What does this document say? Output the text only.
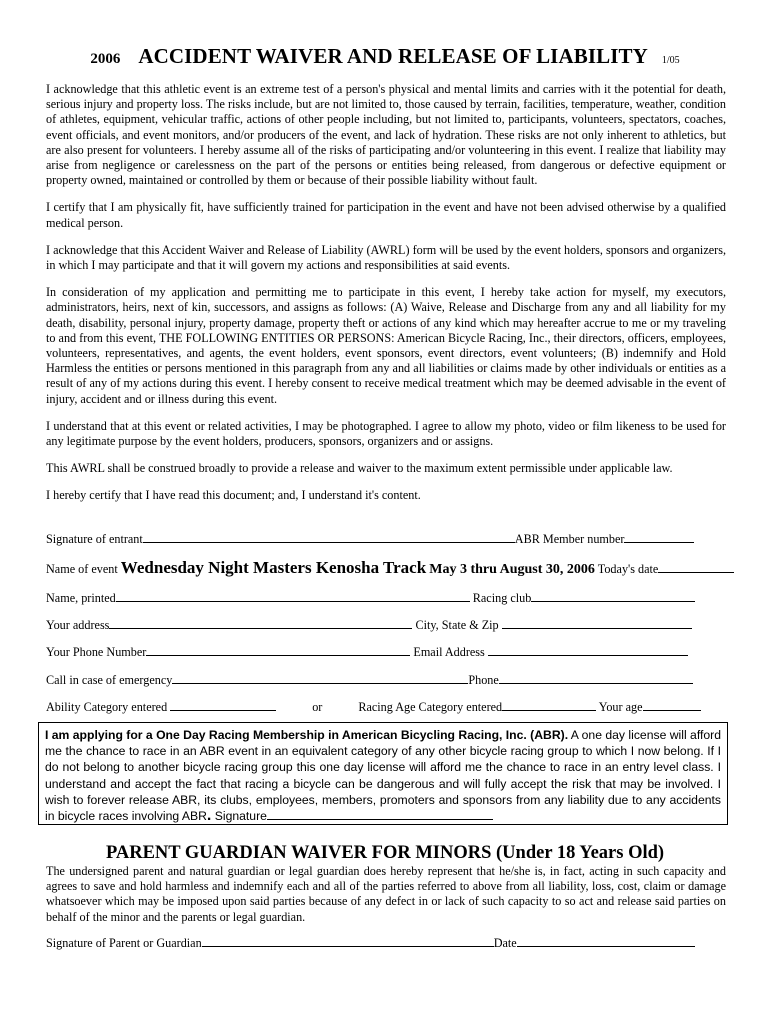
2006 ACCIDENT WAIVER AND RELEASE OF LIABILITY 1/05

I acknowledge that this athletic event is an extreme test of a person's physical and mental limits and carries with it the potential for death, serious injury and property loss. The risks include, but are not limited to, those caused by terrain, facilities, temperature, weather, condition of athletes, equipment, vehicular traffic, actions of other people including, but not limited to, participants, volunteers, spectators, coaches, event officials, and event monitors, and/or producers of the event, and lack of hydration. These risks are not only inherent to athletics, but are also present for volunteers. I hereby assume all of the risks of participating and/or volunteering in this event. I realize that liability may arise from negligence or carelessness on the part of the persons or entities being released, from dangerous or defective equipment or property owned, maintained or controlled by them or because of their possible liability without fault.

I certify that I am physically fit, have sufficiently trained for participation in the event and have not been advised otherwise by a qualified medical person.

I acknowledge that this Accident Waiver and Release of Liability (AWRL) form will be used by the event holders, sponsors and organizers, in which I may participate and that it will govern my actions and responsibilities at said events.

In consideration of my application and permitting me to participate in this event, I hereby take action for myself, my executors, administrators, heirs, next of kin, successors, and assigns as follows: (A) Waive, Release and Discharge from any and all liability for my death, disability, personal injury, property damage, property theft or actions of any kind which may hereafter accrue to me or my traveling to and from this event, THE FOLLOWING ENTITIES OR PERSONS: American Bicycle Racing, Inc., their directors, officers, employees, volunteers, representatives, and agents, the event holders, event sponsors, event directors, event volunteers; (B) indemnify and Hold Harmless the entities or persons mentioned in this paragraph from any and all liabilities or claims made by other individuals or entities as a result of any of my actions during this event. I hereby consent to receive medical treatment which may be deemed advisable in the event of injury, accident and or illness during this event.

I understand that at this event or related activities, I may be photographed. I agree to allow my photo, video or film likeness to be used for any legitimate purpose by the event holders, producers, sponsors, organizers and or assigns.

This AWRL shall be construed broadly to provide a release and waiver to the maximum extent permissible under applicable law.

I hereby certify that I have read this document; and, I understand it's content.

Signature of entrant	ABR Member number
Name of event Wednesday Night Masters Kenosha Track May 3 thru August 30, 2006 Today's date
Name, printed	Racing club
Your address	City, State & Zip
Your Phone Number	Email Address
Call in case of emergency	Phone
Ability Category entered	or	Racing Age Category entered	Your age
I am applying for a One Day Racing Membership in American Bicycling Racing, Inc. (ABR). A one day license will afford me the chance to race in an ABR event in an equivalent category of any other bicycle racing group to which I now belong. If I do not belong to another bicycle racing group this one day license will afford me the chance to race in an entry level class. I understand and accept the fact that racing a bicycle can be dangerous and will fully accept the risk that may be involved. I wish to forever release ABR, its clubs, employees, members, promoters and sponsors from any liability due to any accidents in bicycle races involving ABR. Signature
PARENT GUARDIAN WAIVER FOR MINORS (Under 18 Years Old)
The undersigned parent and natural guardian or legal guardian does hereby represent that he/she is, in fact, acting in such capacity and agrees to save and hold harmless and indemnify each and all of the parties referred to above from all liability, loss, cost, claim or damage whatsoever which may be imposed upon said parties because of any defect in or lack of such capacity to so act and release said parties on behalf of the minor and the parents or legal guardian.
Signature of Parent or Guardian	Date
